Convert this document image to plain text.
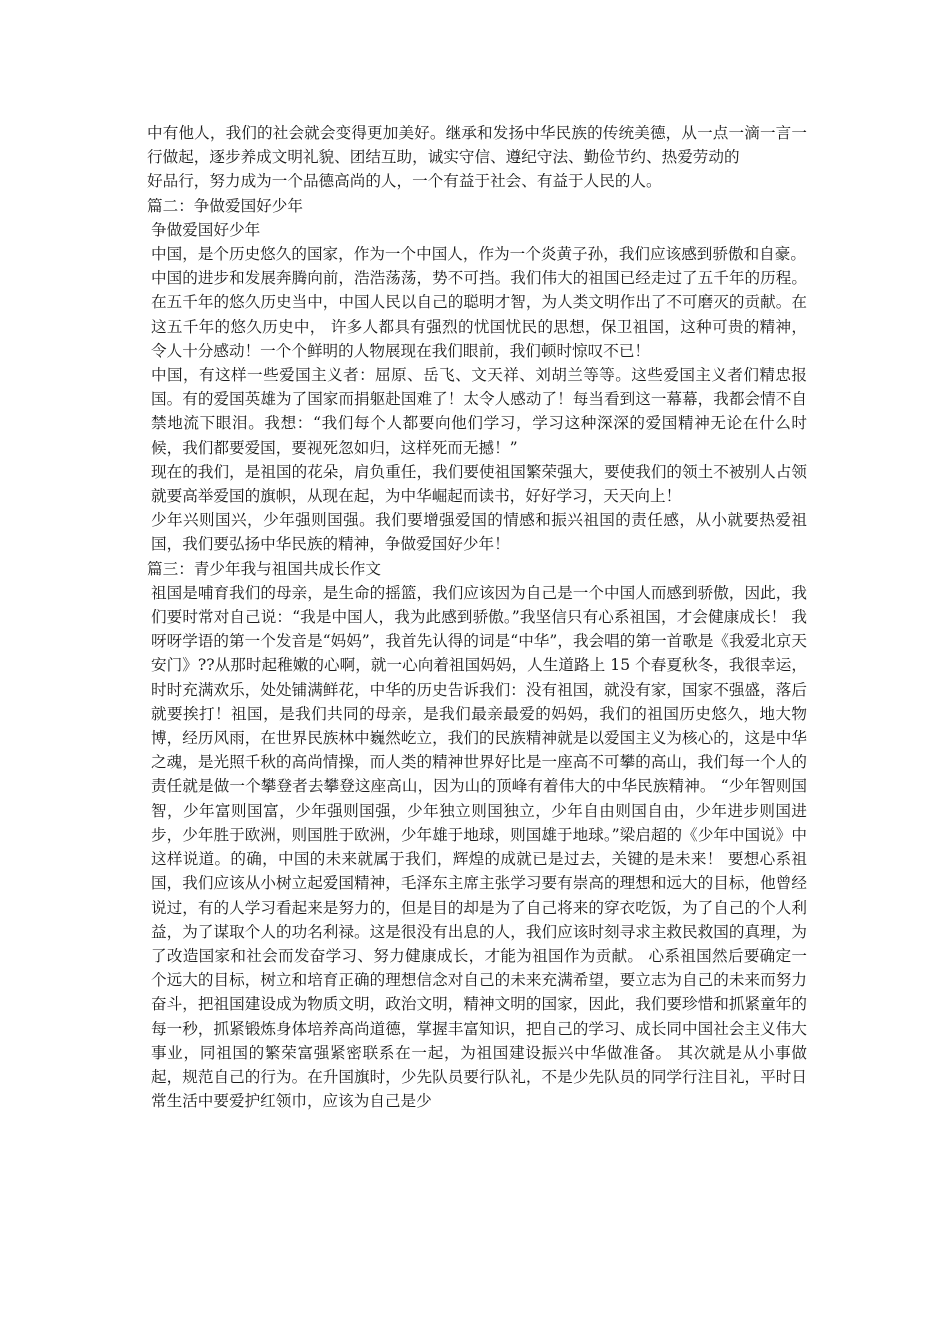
中有他人，我们的社会就会变得更加美好。继承和发扬中华民族的传统美德，从一点一滴一言一行做起，逐步养成文明礼貌、团结互助，诚实守信、遵纪守法、勤俭节约、热爱劳动的

好品行，努力成为一个品德高尚的人，一个有益于社会、有益于人民的人。

篇二：争做爱国好少年

争做爱国好少年

中国，是个历史悠久的国家，作为一个中国人，作为一个炎黄子孙，我们应该感到骄傲和自豪。

中国的进步和发展奔腾向前，浩浩荡荡，势不可挡。我们伟大的祖国已经走过了五千年的历程。在五千年的悠久历史当中，中国人民以自己的聪明才智，为人类文明作出了不可磨灭的贡献。在这五千年的悠久历史中， 许多人都具有强烈的忧国忧民的思想，保卫祖国，这种可贵的精神，令人十分感动！一个个鲜明的人物展现在我们眼前，我们顿时惊叹不已！

中国，有这样一些爱国主义者：屈原、岳飞、文天祥、刘胡兰等等。这些爱国主义者们精忠报国。有的爱国英雄为了国家而捐躯赴国难了！太令人感动了！每当看到这一幕幕，我都会情不自禁地流下眼泪。我想：“我们每个人都要向他们学习，学习这种深深的爱国精神无论在什么时候，我们都要爱国，要视死忽如归，这样死而无撼！”

现在的我们，是祖国的花朵，肩负重任，我们要使祖国繁荣强大，要使我们的领土不被别人占领就要高举爱国的旗帜，从现在起，为中华崛起而读书，好好学习，天天向上！

少年兴则国兴，少年强则国强。我们要增强爱国的情感和振兴祖国的责任感，从小就要热爱祖国，我们要弘扬中华民族的精神，争做爱国好少年！

篇三：青少年我与祖国共成长作文

祖国是哺育我们的母亲，是生命的摇篮，我们应该因为自己是一个中国人而感到骄傲，因此，我们要时常对自己说：“我是中国人，我为此感到骄傲。”我坚信只有心系祖国，才会健康成长！ 我呀呀学语的第一个发音是“妈妈”，我首先认得的词是“中华”，我会唱的第一首歌是《我爱北京天安门》??从那时起稚嫩的心啊，就一心向着祖国妈妈，人生道路上 15 个春夏秋冬，我很幸运，时时充满欢乐，处处铺满鲜花，中华的历史告诉我们：没有祖国，就没有家，国家不强盛，落后就要挨打！祖国，是我们共同的母亲，是我们最亲最爱的妈妈，我们的祖国历史悠久，地大物博，经历风雨，在世界民族林中巍然屹立，我们的民族精神就是以爱国主义为核心的，这是中华之魂，是光照千秋的高尚情操，而人类的精神世界好比是一座高不可攀的高山，我们每一个人的责任就是做一个攀登者去攀登这座高山，因为山的顶峰有着伟大的中华民族精神。 “少年智则国智，少年富则国富，少年强则国强，少年独立则国独立，少年自由则国自由，少年进步则国进步，少年胜于欧洲，则国胜于欧洲，少年雄于地球，则国雄于地球。”梁启超的《少年中国说》中这样说道。的确，中国的未来就属于我们，辉煌的成就已是过去，关键的是未来！ 要想心系祖国，我们应该从小树立起爱国精神，毛泽东主席主张学习要有崇高的理想和远大的目标，他曾经说过，有的人学习看起来是努力的，但是目的却是为了自己将来的穿衣吃饭，为了自己的个人利益，为了谋取个人的功名利禄。这是很没有出息的人，我们应该时刻寻求主救民救国的真理，为了改造国家和社会而发奋学习、努力健康成长，才能为祖国作为贡献。 心系祖国然后要确定一个远大的目标，树立和培育正确的理想信念对自己的未来充满希望，要立志为自己的未来而努力奋斗，把祖国建设成为物质文明，政治文明，精神文明的国家，因此，我们要珍惜和抓紧童年的每一秒，抓紧锻炼身体培养高尚道德，掌握丰富知识，把自己的学习、成长同中国社会主义伟大事业，同祖国的繁荣富强紧密联系在一起，为祖国建设振兴中华做准备。 其次就是从小事做起，规范自己的行为。在升国旗时，少先队员要行队礼，不是少先队员的同学行注目礼，平时日常生活中要爱护红领巾，应该为自己是少
